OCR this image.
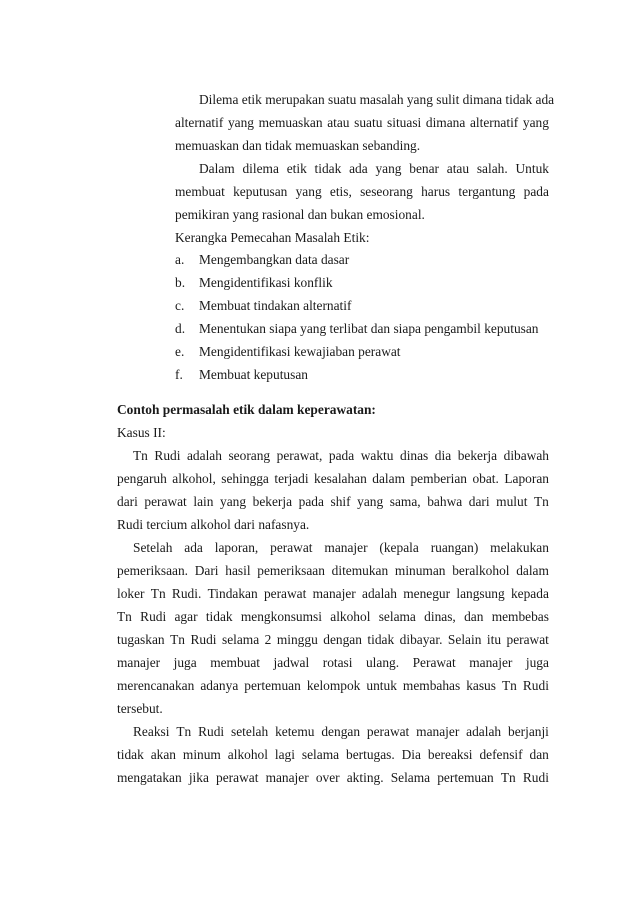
Dilema etik merupakan suatu masalah yang sulit dimana tidak ada
alternatif yang memuaskan atau suatu situasi dimana alternatif yang
memuaskan dan tidak memuaskan sebanding.
Dalam dilema etik tidak ada yang benar atau salah. Untuk
membuat keputusan yang etis, seseorang harus tergantung pada
pemikiran yang rasional dan bukan emosional.
Kerangka Pemecahan Masalah Etik:
a. Mengembangkan data dasar
b. Mengidentifikasi konflik
c. Membuat tindakan alternatif
d. Menentukan siapa yang terlibat dan siapa pengambil keputusan
e. Mengidentifikasi kewajiaban perawat
f. Membuat keputusan
Contoh permasalah etik dalam keperawatan:
Kasus II:
Tn Rudi adalah seorang perawat, pada waktu dinas dia bekerja dibawah
pengaruh alkohol, sehingga terjadi kesalahan dalam pemberian obat. Laporan
dari perawat lain yang bekerja pada shif yang sama, bahwa dari mulut Tn
Rudi tercium alkohol dari nafasnya.
Setelah ada laporan, perawat manajer (kepala ruangan) melakukan
pemeriksaan. Dari hasil pemeriksaan ditemukan minuman beralkohol dalam
loker Tn Rudi. Tindakan perawat manajer adalah menegur langsung kepada
Tn Rudi agar tidak mengkonsumsi alkohol selama dinas, dan membebas
tugaskan Tn Rudi selama 2 minggu dengan tidak dibayar. Selain itu perawat
manajer juga membuat jadwal rotasi ulang. Perawat manajer juga
merencanakan adanya pertemuan kelompok untuk membahas kasus Tn Rudi
tersebut.
Reaksi Tn Rudi setelah ketemu dengan perawat manajer adalah berjanji
tidak akan minum alkohol lagi selama bertugas. Dia bereaksi defensif dan
mengatakan jika perawat manajer over akting. Selama pertemuan Tn Rudi
